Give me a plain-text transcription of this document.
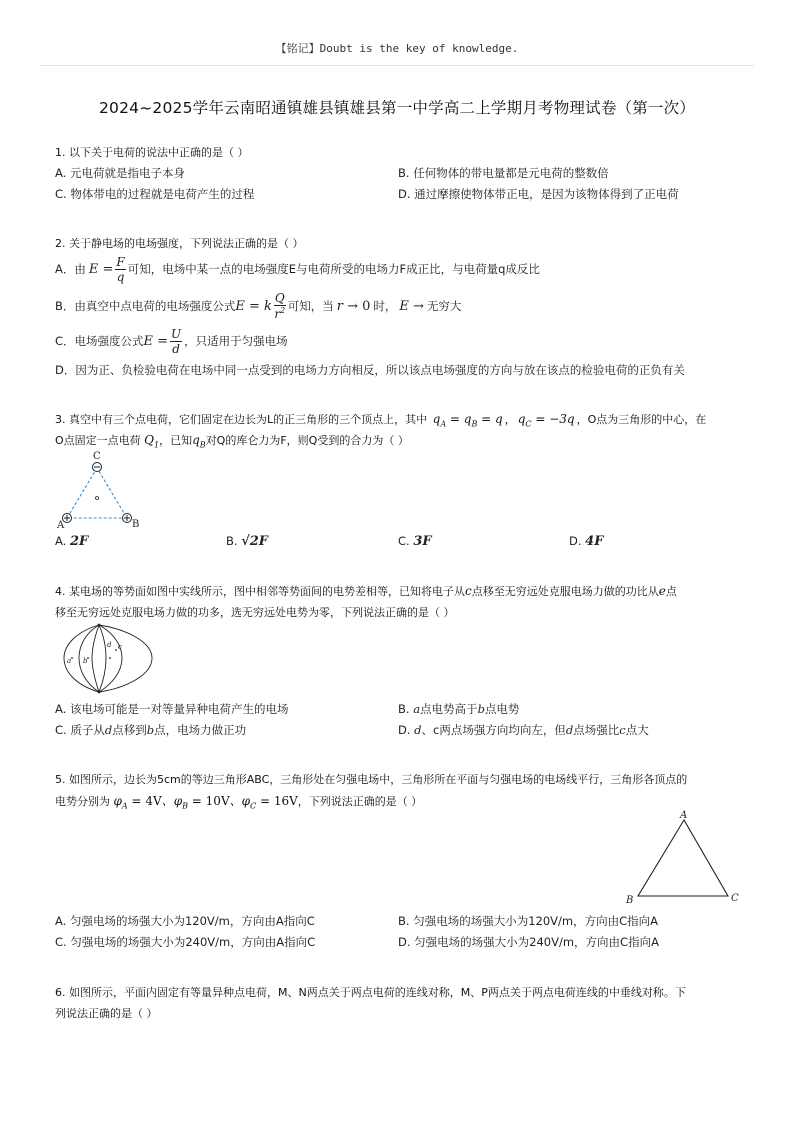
【铭记】Doubt is the key of knowledge.
2024~2025学年云南昭通镇雄县镇雄县第一中学高二上学期月考物理试卷（第一次）
1. 以下关于电荷的说法中正确的是（ ）
A. 元电荷就是指电子本身	B. 任何物体的带电量都是元电荷的整数倍
C. 物体带电的过程就是电荷产生的过程	D. 通过摩擦使物体带正电，是因为该物体得到了正电荷
2. 关于静电场的电场强度，下列说法正确的是（ ）
A．由 $E = \frac{F}{q}$ 可知，电场中某一点的电场强度E与电荷所受的电场力F成正比，与电荷量q成反比
B．由真空中点电荷的电场强度公式 E = k $\frac{Q}{r^2}$ 可知，当 r → 0 时， E → 无穷大
C．电场强度公式 $E = \frac{U}{d}$ ，只适用于匀强电场
D．因为正、负检验电荷在电场中同一点受到的电场力方向相反，所以该点电场强度的方向与放在该点的检验电荷的正负有关
3. 真空中有三个点电荷，它们固定在边长为L的正三角形的三个顶点上，其中 $q_A = q_B = q$ ， $q_C = -3q$ ，O点为三角形的中心，在
O点固定一点电荷 $Q_1$，已知$q_B$对Q的库仑力为F，则Q受到的合力为（ ）
C
A	B
A. 2F	B. √2F	C. 3F	D. 4F
4. 某电场的等势面如图中实线所示，图中相邻等势面间的电势差相等，已知将电子从c点移至无穷远处克服电场力做的功比从e点
移至无穷远处克服电场力做的功多，选无穷远处电势为零，下列说法正确的是（ ）
a b
d c
A. 该电场可能是一对等量异种电荷产生的电场	B. a点电势高于b点电势
C. 质子从d点移到b点，电场力做正功	D. d、c两点场强方向均向左，但d点场强比c点大
5. 如图所示，边长为5cm的等边三角形ABC，三角形处在匀强电场中，三角形所在平面与匀强电场的电场线平行，三角形各顶点的
电势分别为 $\varphi_A = 4V$、$\varphi_B = 10V$、$\varphi_C = 16V$，下列说法正确的是（ ）
A
B	C
A. 匀强电场的场强大小为120V/m，方向由A指向C	B. 匀强电场的场强大小为120V/m，方向由C指向A
C. 匀强电场的场强大小为240V/m，方向由A指向C	D. 匀强电场的场强大小为240V/m，方向由C指向A
6. 如图所示，平面内固定有等量异种点电荷，M、N两点关于两点电荷的连线对称，M、P两点关于两点电荷连线的中垂线对称。下
列说法正确的是（ ）
